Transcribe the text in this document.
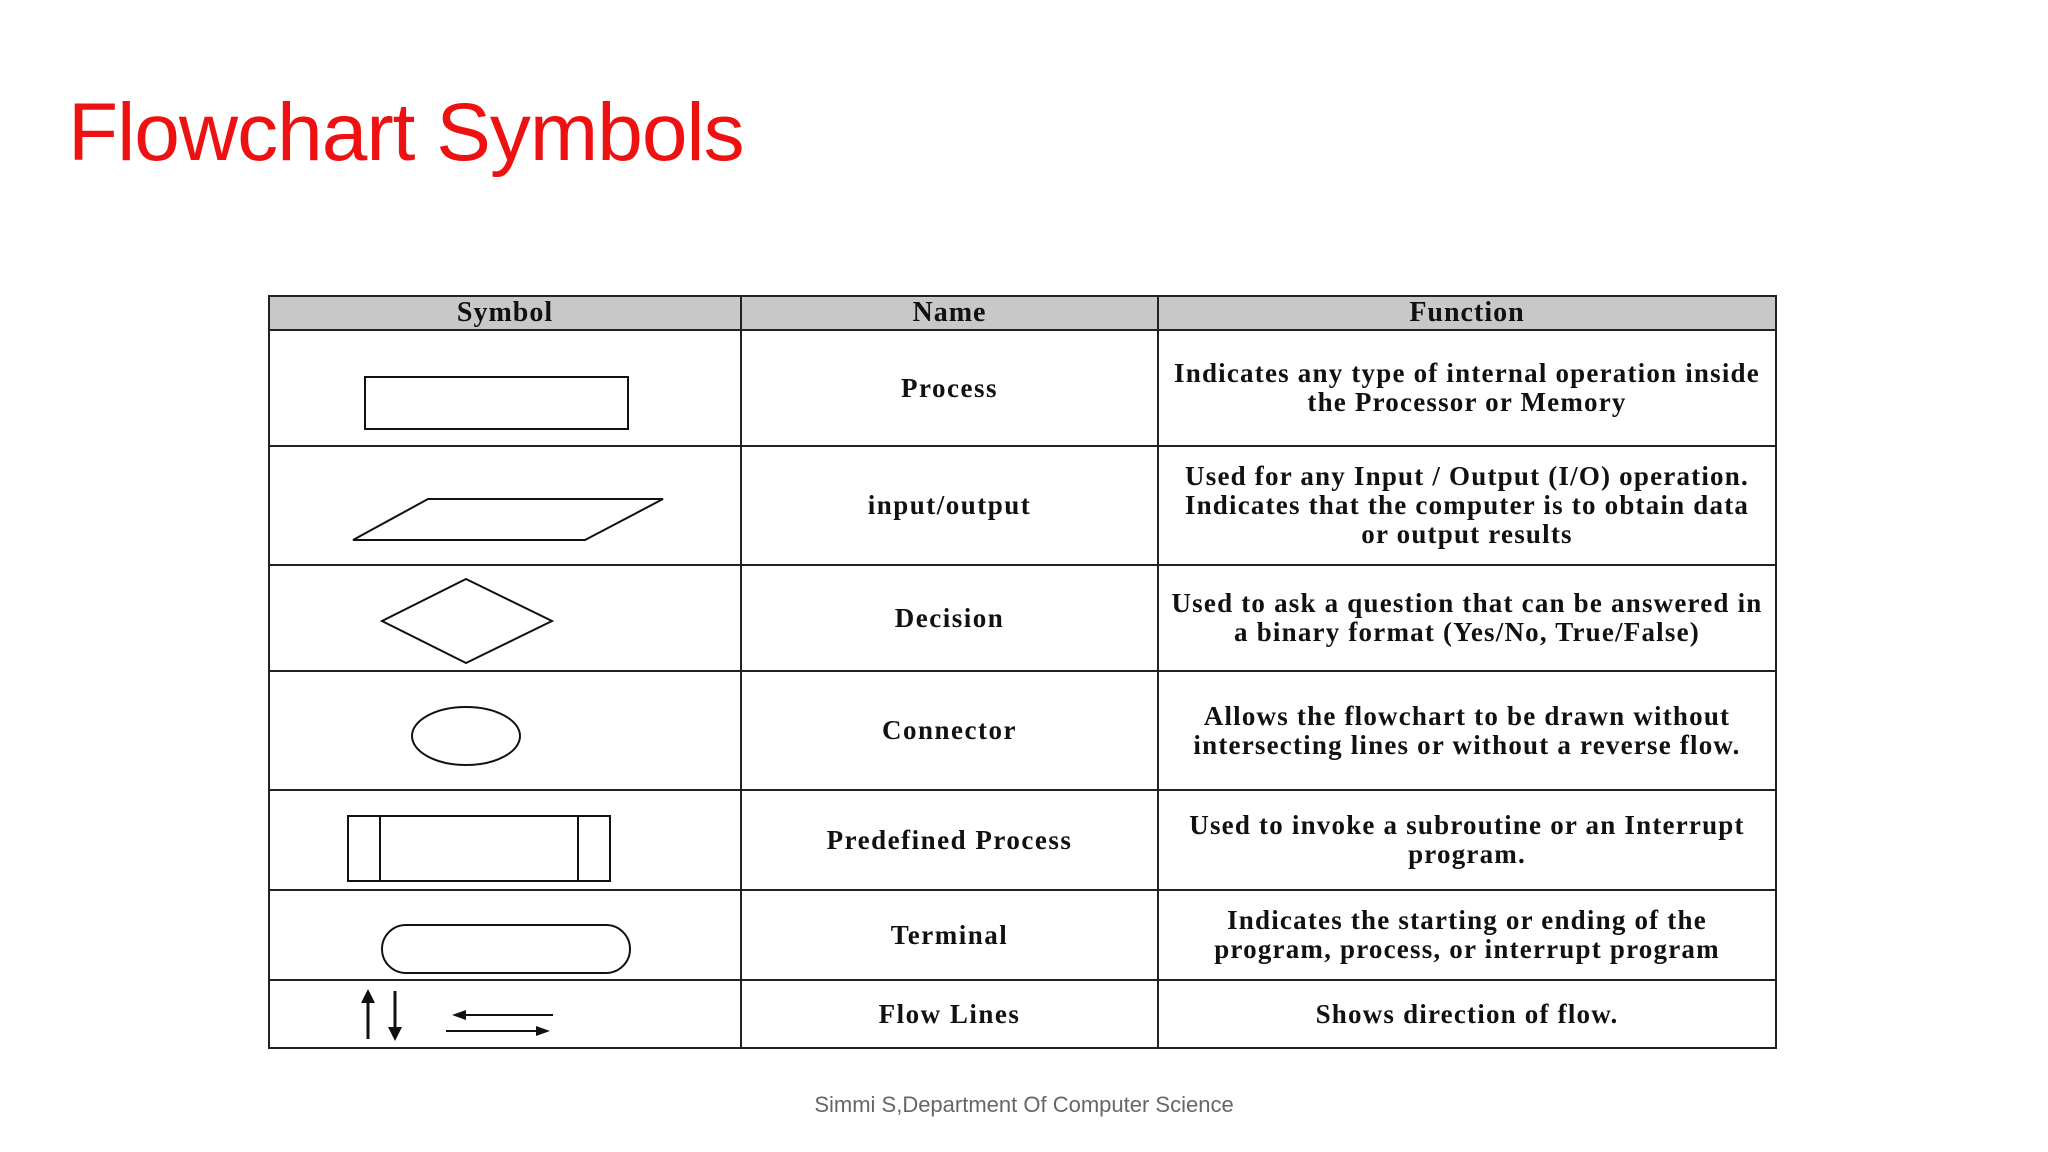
Flowchart Symbols
Symbol	Name	Function

	Process	Indicates any type of internal operation inside the Processor or Memory

	input/output	Used for any Input / Output (I/O) operation. Indicates that the computer is to obtain data or output results

	Decision	Used to ask a question that can be answered in a binary format (Yes/No, True/False)

	Connector	Allows the flowchart to be drawn without intersecting lines or without a reverse flow.

	Predefined Process	Used to invoke a subroutine or an Interrupt program.

	Terminal	Indicates the starting or ending of the program, process, or interrupt program

	Flow Lines	Shows direction of flow.
Simmi S,Department Of Computer Science
